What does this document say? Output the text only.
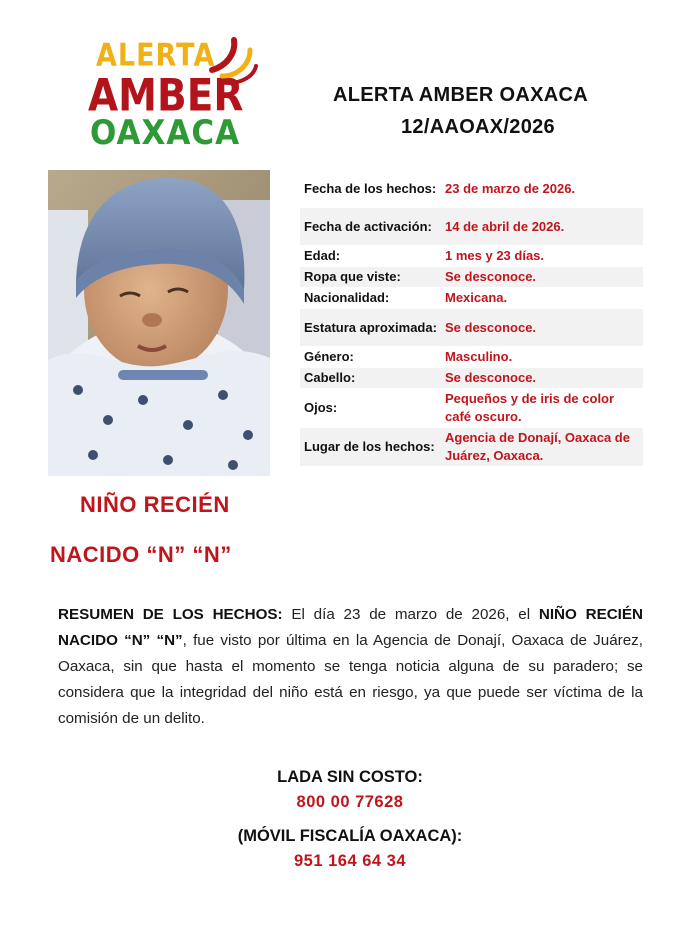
ALERTA
AMBER
OAXACA
ALERTA AMBER OAXACA
12/AAOAX/2026
Fecha de los hechos:	23 de marzo de 2026.
Fecha de activación:	14 de abril de 2026.
Edad:	1 mes y 23 días.
Ropa que viste:	Se desconoce.
Nacionalidad:	Mexicana.
Estatura aproximada:	Se desconoce.
Género:	Masculino.
Cabello:	Se desconoce.
Ojos:	Pequeños y de iris de color café oscuro.
Lugar de los hechos:	Agencia de Donají, Oaxaca de Juárez, Oaxaca.
NIÑO RECIÉN
NACIDO “N” “N”
RESUMEN DE LOS HECHOS: El día 23 de marzo de 2026, el NIÑO RECIÉN NACIDO “N” “N”, fue visto por última en la Agencia de Donají, Oaxaca de Juárez, Oaxaca, sin que hasta el momento se tenga noticia alguna de su paradero; se considera que la integridad del niño está en riesgo, ya que puede ser víctima de la comisión de un delito.
LADA SIN COSTO:
800 00 77628
(MÓVIL FISCALÍA OAXACA):
951 164 64 34
